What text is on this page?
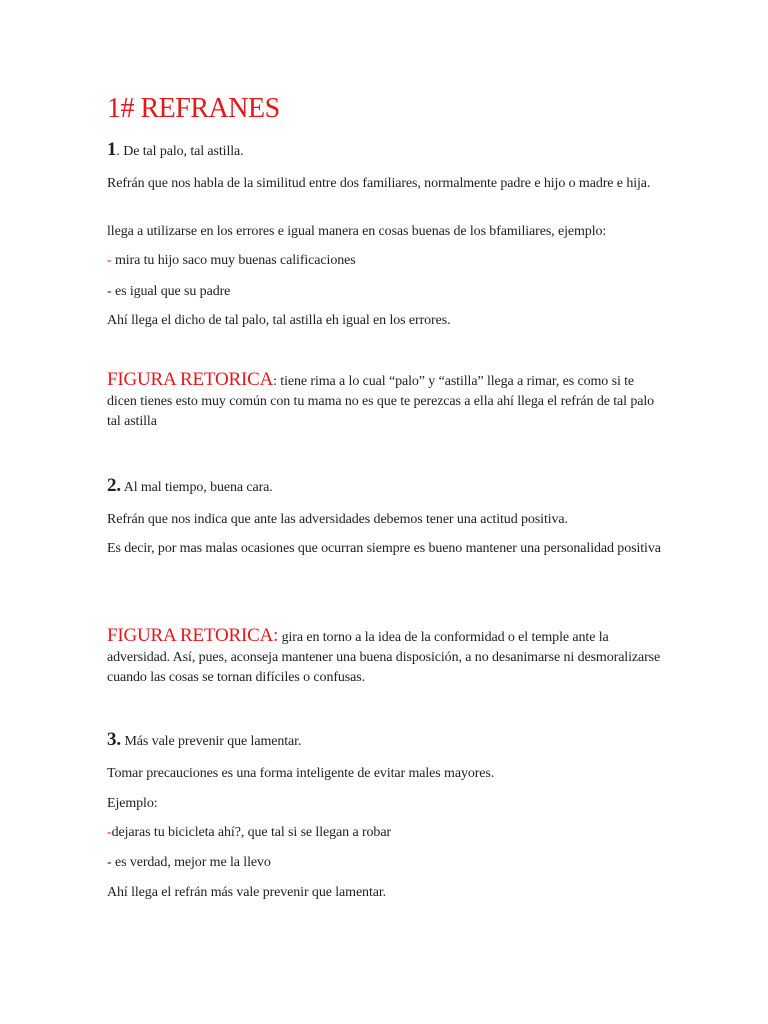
1# REFRANES

1. De tal palo, tal astilla.

Refrán que nos habla de la similitud entre dos familiares, normalmente padre e hijo o madre e hija.

llega a utilizarse en los errores e igual manera en cosas buenas de los bfamiliares, ejemplo:

- mira tu hijo saco muy buenas calificaciones

- es igual que su padre

Ahí llega el dicho de tal palo, tal astilla eh igual en los errores.

FIGURA RETORICA: tiene rima a lo cual “palo” y “astilla” llega a rimar, es como si te dicen tienes esto muy común con tu mama no es que te perezcas a ella ahí llega el refrán de tal palo tal astilla

2. Al mal tiempo, buena cara.

Refrán que nos indica que ante las adversidades debemos tener una actitud positiva.

Es decir, por mas malas ocasiones que ocurran siempre es bueno mantener una personalidad positiva

FIGURA RETORICA: gira en torno a la idea de la conformidad o el temple ante la adversidad. Así, pues, aconseja mantener una buena disposición, a no desanimarse ni desmoralizarse cuando las cosas se tornan difíciles o confusas.

3. Más vale prevenir que lamentar.

Tomar precauciones es una forma inteligente de evitar males mayores.

Ejemplo:

-dejaras tu bicicleta ahí?, que tal si se llegan a robar

- es verdad, mejor me la llevo

Ahí llega el refrán más vale prevenir que lamentar.
